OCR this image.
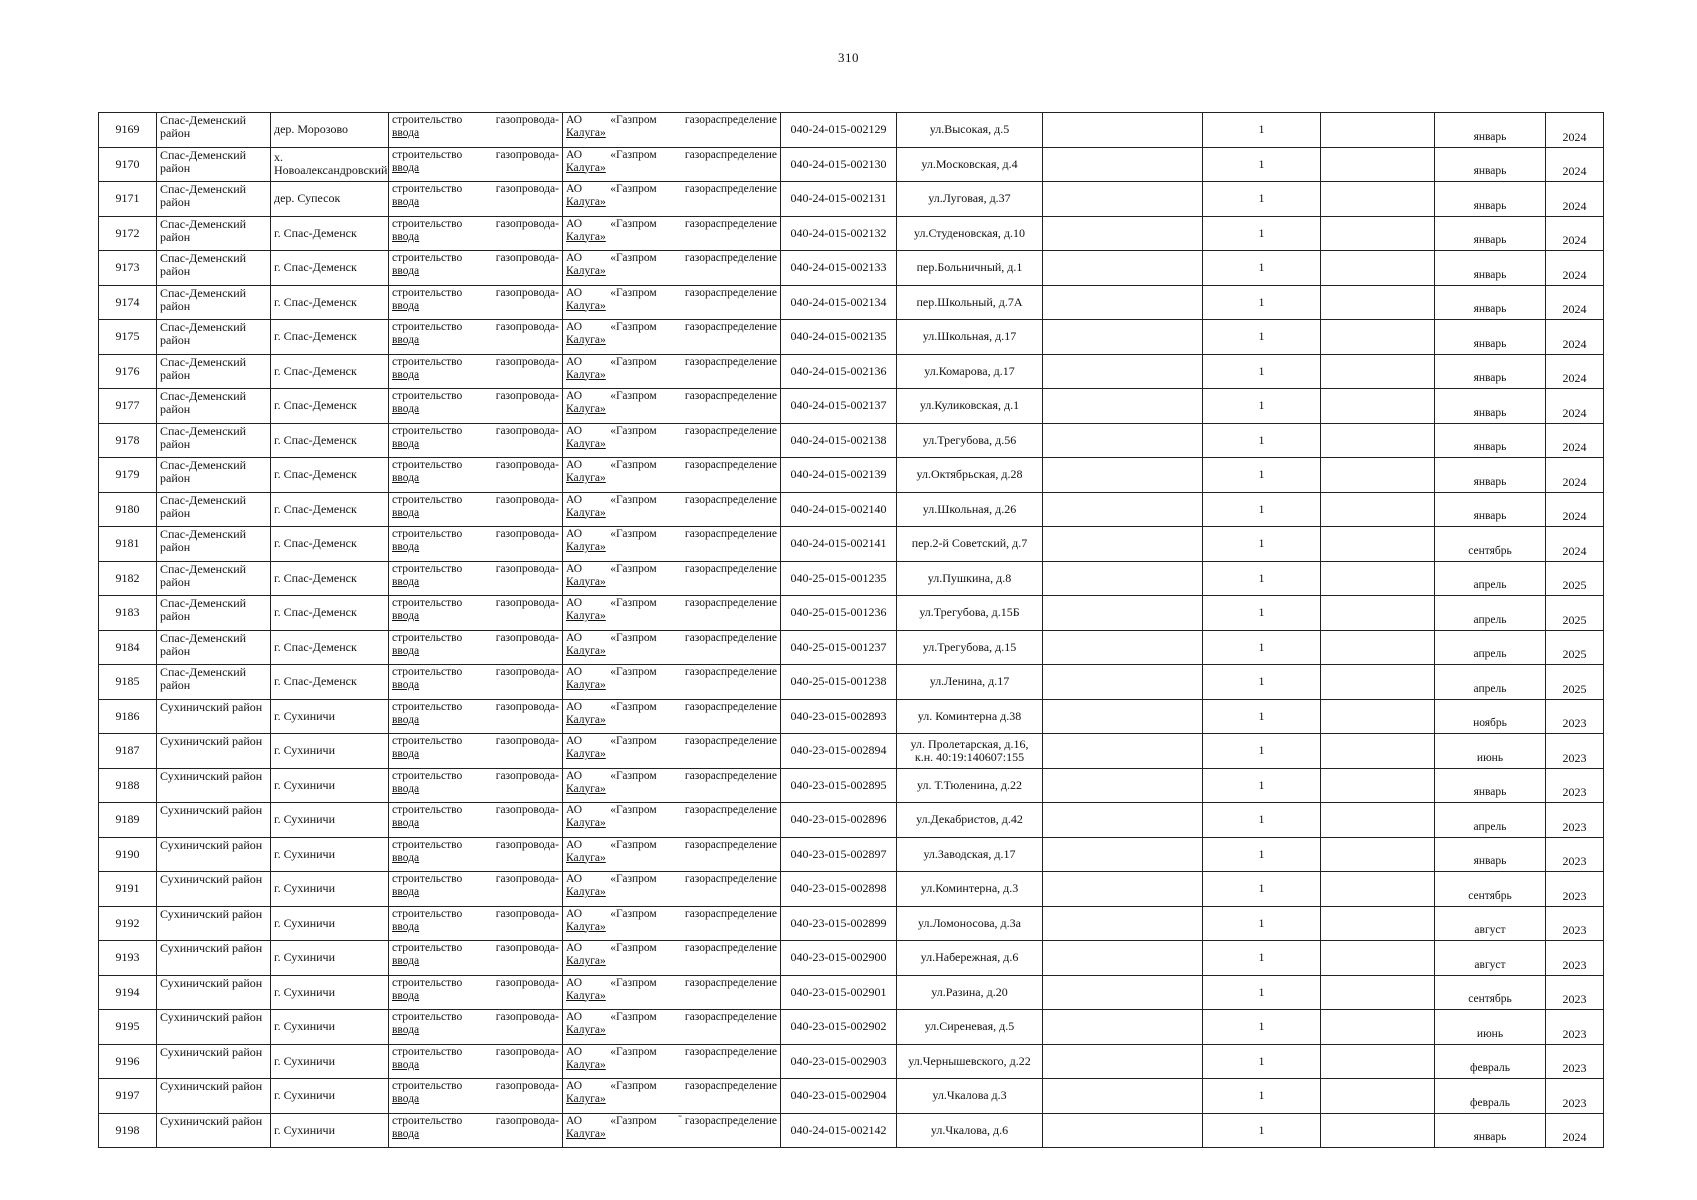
310
9169	Спас-Деменский район	дер. Морозово	строительство газопровода-
ввода	АО «Газпром газораспределение
Калуга»	040-24-015-002129	ул.Высокая, д.5		1		январь	2024
9170	Спас-Деменский район	х. Новоалександровский	строительство газопровода-
ввода	АО «Газпром газораспределение
Калуга»	040-24-015-002130	ул.Московская, д.4		1		январь	2024
9171	Спас-Деменский район	дер. Супесок	строительство газопровода-
ввода	АО «Газпром газораспределение
Калуга»	040-24-015-002131	ул.Луговая, д.37		1		январь	2024
9172	Спас-Деменский район	г. Спас-Деменск	строительство газопровода-
ввода	АО «Газпром газораспределение
Калуга»	040-24-015-002132	ул.Студеновская, д.10		1		январь	2024
9173	Спас-Деменский район	г. Спас-Деменск	строительство газопровода-
ввода	АО «Газпром газораспределение
Калуга»	040-24-015-002133	пер.Больничный, д.1		1		январь	2024
9174	Спас-Деменский район	г. Спас-Деменск	строительство газопровода-
ввода	АО «Газпром газораспределение
Калуга»	040-24-015-002134	пер.Школьный, д.7А		1		январь	2024
9175	Спас-Деменский район	г. Спас-Деменск	строительство газопровода-
ввода	АО «Газпром газораспределение
Калуга»	040-24-015-002135	ул.Школьная, д.17		1		январь	2024
9176	Спас-Деменский район	г. Спас-Деменск	строительство газопровода-
ввода	АО «Газпром газораспределение
Калуга»	040-24-015-002136	ул.Комарова, д.17		1		январь	2024
9177	Спас-Деменский район	г. Спас-Деменск	строительство газопровода-
ввода	АО «Газпром газораспределение
Калуга»	040-24-015-002137	ул.Куликовская, д.1		1		январь	2024
9178	Спас-Деменский район	г. Спас-Деменск	строительство газопровода-
ввода	АО «Газпром газораспределение
Калуга»	040-24-015-002138	ул.Трегубова, д.56		1		январь	2024
9179	Спас-Деменский район	г. Спас-Деменск	строительство газопровода-
ввода	АО «Газпром газораспределение
Калуга»	040-24-015-002139	ул.Октябрьская, д.28		1		январь	2024
9180	Спас-Деменский район	г. Спас-Деменск	строительство газопровода-
ввода	АО «Газпром газораспределение
Калуга»	040-24-015-002140	ул.Школьная, д.26		1		январь	2024
9181	Спас-Деменский район	г. Спас-Деменск	строительство газопровода-
ввода	АО «Газпром газораспределение
Калуга»	040-24-015-002141	пер.2-й Советский, д.7		1		сентябрь	2024
9182	Спас-Деменский район	г. Спас-Деменск	строительство газопровода-
ввода	АО «Газпром газораспределение
Калуга»	040-25-015-001235	ул.Пушкина, д.8		1		апрель	2025
9183	Спас-Деменский район	г. Спас-Деменск	строительство газопровода-
ввода	АО «Газпром газораспределение
Калуга»	040-25-015-001236	ул.Трегубова, д.15Б		1		апрель	2025
9184	Спас-Деменский район	г. Спас-Деменск	строительство газопровода-
ввода	АО «Газпром газораспределение
Калуга»	040-25-015-001237	ул.Трегубова, д.15		1		апрель	2025
9185	Спас-Деменский район	г. Спас-Деменск	строительство газопровода-
ввода	АО «Газпром газораспределение
Калуга»	040-25-015-001238	ул.Ленина, д.17		1		апрель	2025
9186	Сухиничский район	г. Сухиничи	строительство газопровода-
ввода	АО «Газпром газораспределение
Калуга»	040-23-015-002893	ул. Коминтерна д.38		1		ноябрь	2023
9187	Сухиничский район	г. Сухиничи	строительство газопровода-
ввода	АО «Газпром газораспределение
Калуга»	040-23-015-002894	ул. Пролетарская, д.16, к.н. 40:19:140607:155		1		июнь	2023
9188	Сухиничский район	г. Сухиничи	строительство газопровода-
ввода	АО «Газпром газораспределение
Калуга»	040-23-015-002895	ул. Т.Тюленина, д.22		1		январь	2023
9189	Сухиничский район	г. Сухиничи	строительство газопровода-
ввода	АО «Газпром газораспределение
Калуга»	040-23-015-002896	ул.Декабристов, д.42		1		апрель	2023
9190	Сухиничский район	г. Сухиничи	строительство газопровода-
ввода	АО «Газпром газораспределение
Калуга»	040-23-015-002897	ул.Заводская, д.17		1		январь	2023
9191	Сухиничский район	г. Сухиничи	строительство газопровода-
ввода	АО «Газпром газораспределение
Калуга»	040-23-015-002898	ул.Коминтерна, д.3		1		сентябрь	2023
9192	Сухиничский район	г. Сухиничи	строительство газопровода-
ввода	АО «Газпром газораспределение
Калуга»	040-23-015-002899	ул.Ломоносова, д.3а		1		август	2023
9193	Сухиничский район	г. Сухиничи	строительство газопровода-
ввода	АО «Газпром газораспределение
Калуга»	040-23-015-002900	ул.Набережная, д.6		1		август	2023
9194	Сухиничский район	г. Сухиничи	строительство газопровода-
ввода	АО «Газпром газораспределение
Калуга»	040-23-015-002901	ул.Разина, д.20		1		сентябрь	2023
9195	Сухиничский район	г. Сухиничи	строительство газопровода-
ввода	АО «Газпром газораспределение
Калуга»	040-23-015-002902	ул.Сиреневая, д.5		1		июнь	2023
9196	Сухиничский район	г. Сухиничи	строительство газопровода-
ввода	АО «Газпром газораспределение
Калуга»	040-23-015-002903	ул.Чернышевского, д.22		1		февраль	2023
9197	Сухиничский район	г. Сухиничи	строительство газопровода-
ввода	АО «Газпром газораспределение
Калуга»	040-23-015-002904	ул.Чкалова д.3		1		февраль	2023
9198	Сухиничский район	г. Сухиничи	строительство газопровода-
ввода	АО «Газпром газораспределение
Калуга»	040-24-015-002142	ул.Чкалова, д.6		1		январь	2024
-
